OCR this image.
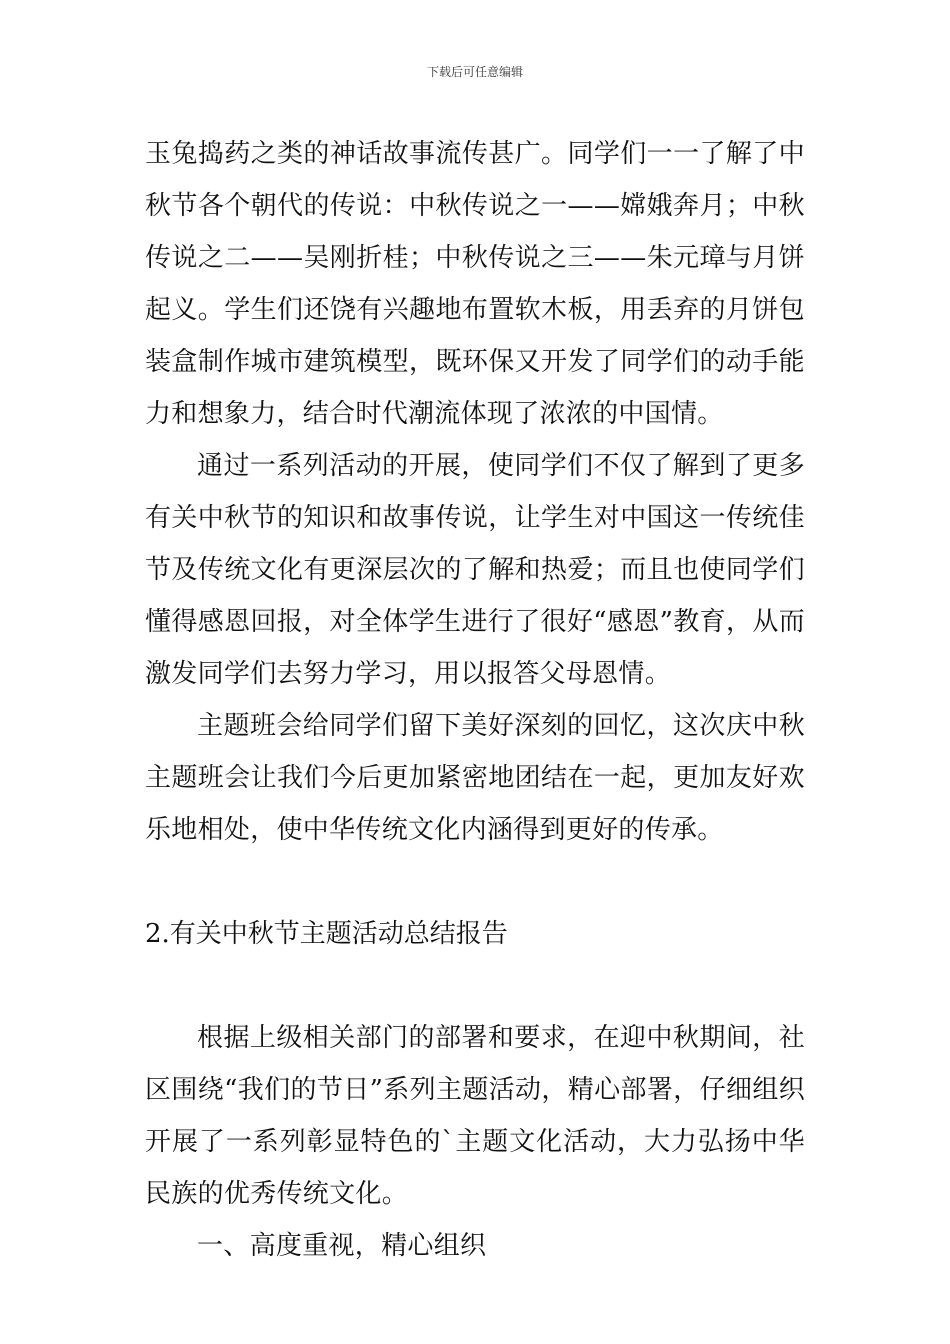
下载后可任意编辑

玉兔捣药之类的神话故事流传甚广。同学们一一了解了中秋节各个朝代的传说：中秋传说之一——嫦娥奔月；中秋传说之二——吴刚折桂；中秋传说之三——朱元璋与月饼起义。学生们还饶有兴趣地布置软木板，用丢弃的月饼包装盒制作城市建筑模型，既环保又开发了同学们的动手能力和想象力，结合时代潮流体现了浓浓的中国情。

通过一系列活动的开展，使同学们不仅了解到了更多有关中秋节的知识和故事传说，让学生对中国这一传统佳节及传统文化有更深层次的了解和热爱；而且也使同学们懂得感恩回报，对全体学生进行了很好“感恩”教育，从而激发同学们去努力学习，用以报答父母恩情。

主题班会给同学们留下美好深刻的回忆，这次庆中秋主题班会让我们今后更加紧密地团结在一起，更加友好欢乐地相处，使中华传统文化内涵得到更好的传承。

2.有关中秋节主题活动总结报告

根据上级相关部门的部署和要求，在迎中秋期间，社区围绕“我们的节日”系列主题活动，精心部署，仔细组织开展了一系列彰显特色的`主题文化活动，大力弘扬中华民族的优秀传统文化。

一、高度重视，精心组织
